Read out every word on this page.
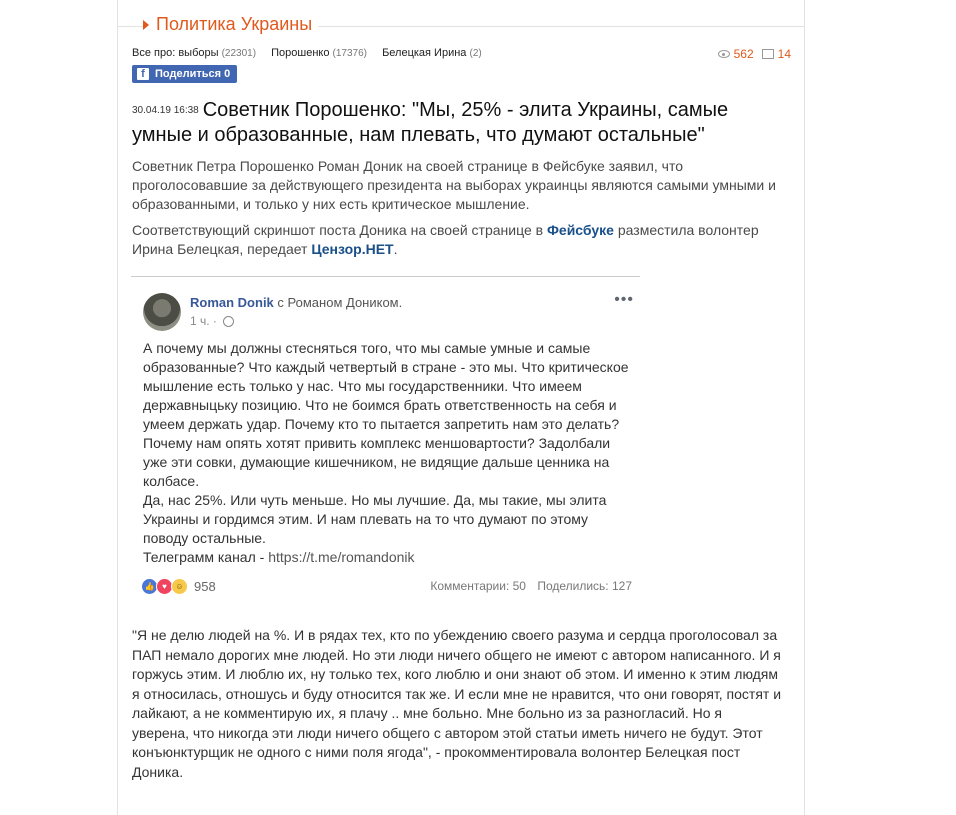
Политика Украины
Все про: выборы (22301) Порошенко (17376) Белецкая Ирина (2)	562 14
f Поделиться 0
30.04.19 16:38 Советник Порошенко: "Мы, 25% - элита Украины, самые умные и образованные, нам плевать, что думают остальные"

Советник Петра Порошенко Роман Доник на своей странице в Фейсбуке заявил, что проголосовавшие за действующего президента на выборах украинцы являются самыми умными и образованными, и только у них есть критическое мышление.

Соответствующий скриншот поста Доника на своей странице в Фейсбуке разместила волонтер Ирина Белецкая, передает Цензор.НЕТ.

Roman Donik с Романом Доником.
1 ч. ·
•••

А почему мы должны стесняться того, что мы самые умные и самые образованные? Что каждый четвертый в стране - это мы. Что критическое мышление есть только у нас. Что мы государственники. Что имеем державныцьку позицию. Что не боимся брать ответственность на себя и умеем держать удар. Почему кто то пытается запретить нам это делать? Почему нам опять хотят привить комплекс меншовартости? Задолбали уже эти совки, думающие кишечником, не видящие дальше ценника на колбасе.
Да, нас 25%. Или чуть меньше. Но мы лучшие. Да, мы такие, мы элита Украины и гордимся этим. И нам плевать на то что думают по этому поводу остальные.
Телеграмм канал - https://t.me/romandonik

👍 ♥	☺ 958	Комментарии: 50 Поделились: 127

"Я не делю людей на %. И в рядах тех, кто по убеждению своего разума и сердца проголосовал за ПАП немало дорогих мне людей. Но эти люди ничего общего не имеют с автором написанного. И я горжусь этим. И люблю их, ну только тех, кого люблю и они знают об этом. И именно к этим людям я относилась, отношусь и буду относится так же. И если мне не нравится, что они говорят, постят и лайкают, а не комментирую их, я плачу .. мне больно. Мне больно из за разногласий. Но я уверена, что никогда эти люди ничего общего с автором этой статьи иметь ничего не будут. Этот конъюнктурщик не одного с ними поля ягода", - прокомментировала волонтер Белецкая пост Доника.
